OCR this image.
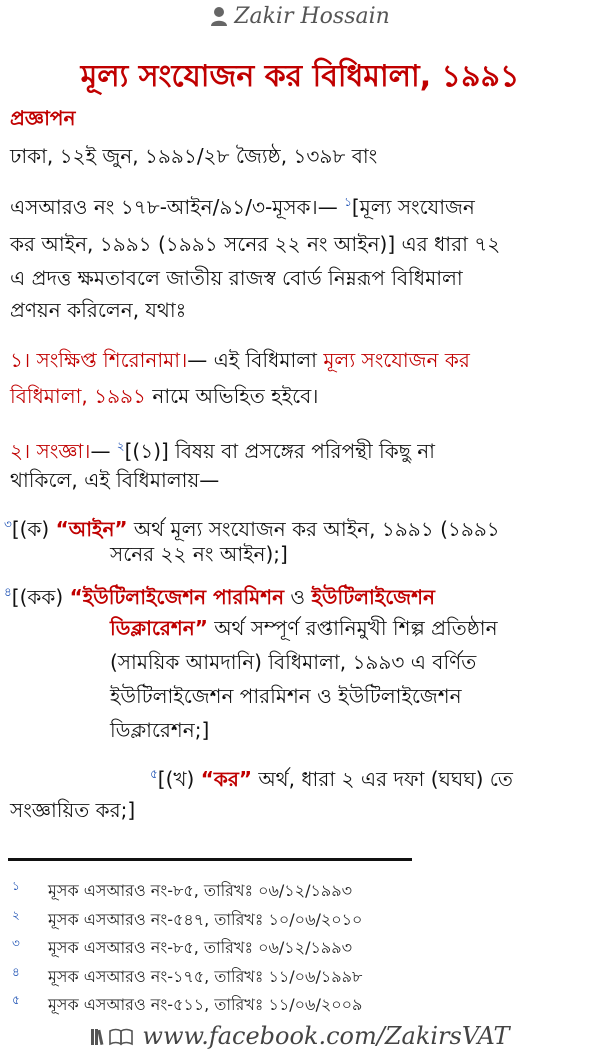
Zakir Hossain
মূল্য সংযোজন কর বিধিমালা, ১৯৯১
প্রজ্ঞাপন
ঢাকা, ১২ই জুন, ১৯৯১/২৮ জ্যৈষ্ঠ, ১৩৯৮ বাং
এসআরও নং ১৭৮-আইন/৯১/৩-মূসক।— $^১$[মূল্য সংযোজন
কর আইন, ১৯৯১ (১৯৯১ সনের ২২ নং আইন)] এর ধারা ৭২
এ প্রদত্ত ক্ষমতাবলে জাতীয় রাজস্ব বোর্ড নিম্নরূপ বিধিমালা
প্রণয়ন করিলেন, যথাঃ
১। সংক্ষিপ্ত শিরোনামা।— এই বিধিমালা মূল্য সংযোজন কর
বিধিমালা, ১৯৯১ নামে অভিহিত হইবে।
২। সংজ্ঞা।— $^২$[(১)] বিষয় বা প্রসঙ্গের পরিপন্থী কিছু না
থাকিলে, এই বিধিমালায়—
$^৩$[(ক) “আইন” অর্থ মূল্য সংযোজন কর আইন, ১৯৯১ (১৯৯১
সনের ২২ নং আইন);]
$^৪$[(কক) “ইউটিলাইজেশন পারমিশন ও ইউটিলাইজেশন
ডিক্লারেশন” অর্থ সম্পূর্ণ রপ্তানিমুখী শিল্প প্রতিষ্ঠান
(সাময়িক আমদানি) বিধিমালা, ১৯৯৩ এ বর্ণিত
ইউটিলাইজেশন পারমিশন ও ইউটিলাইজেশন
ডিক্লারেশন;]
$^৫$[(খ) “কর” অর্থ, ধারা ২ এর দফা (ঘঘঘ) তে
সংজ্ঞায়িত কর;]
১ মূসক এসআরও নং-৮৫, তারিখঃ ০৬/১২/১৯৯৩
২ মূসক এসআরও নং-৫৪৭, তারিখঃ ১০/০৬/২০১০
৩ মূসক এসআরও নং-৮৫, তারিখঃ ০৬/১২/১৯৯৩
৪ মূসক এসআরও নং-১৭৫, তারিখঃ ১১/০৬/১৯৯৮
৫ মূসক এসআরও নং-৫১১, তারিখঃ ১১/০৬/২০০৯
www.facebook.com/ZakirsVAT
